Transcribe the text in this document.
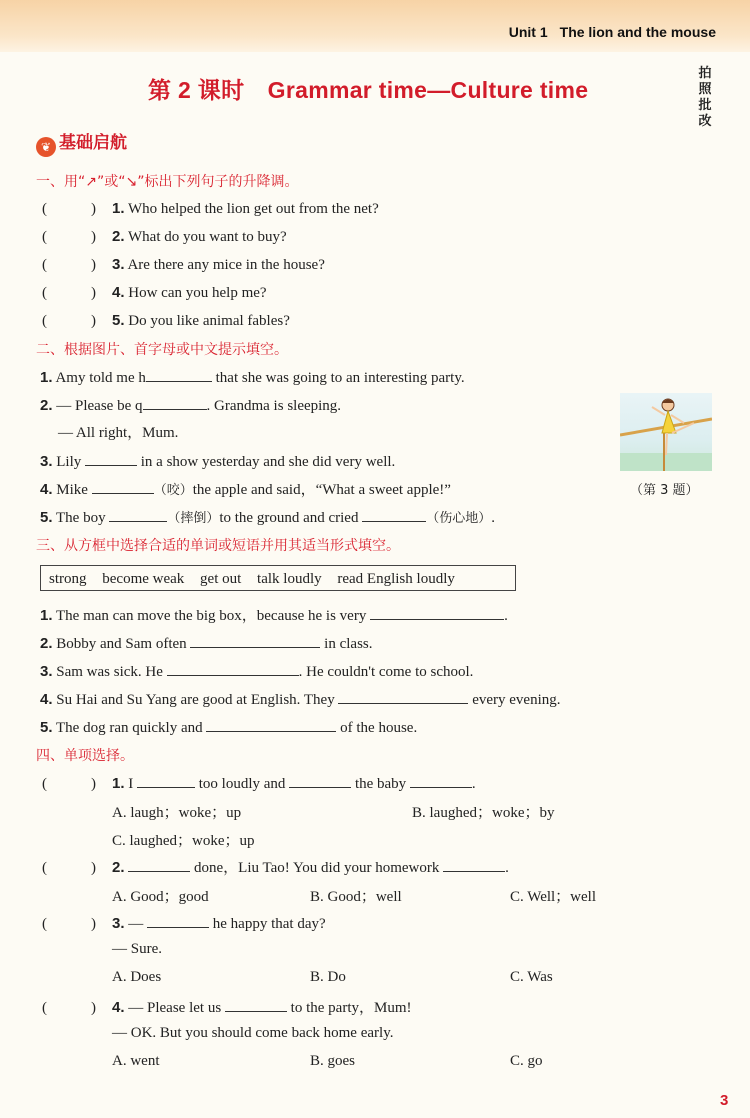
Unit 1 The lion and the mouse
拍照批改
第 2 课时　Grammar time—Culture time
❦ 基础启航
一、用“↗”或“↘”标出下列句子的升降调。
(	) 1. Who helped the lion get out from the net?
(	) 2. What do you want to buy?
(	) 3. Are there any mice in the house?
(	) 4. How can you help me?
(	) 5. Do you like animal fables?
二、根据图片、首字母或中文提示填空。
1. Amy told me h	that she was going to an interesting party.
2. — Please be q	. Grandma is sleeping.
— All right，Mum.
3. Lily	in a show yesterday and she did very well.
4. Mike	（咬）the apple and said，“What a sweet apple!”
5. The boy	（摔倒）to the ground and cried	（伤心地）.
（第 3 题）
三、从方框中选择合适的单词或短语并用其适当形式填空。
strong become weak get out talk loudly read English loudly
1. The man can move the big box，because he is very	.
2. Bobby and Sam often	in class.
3. Sam was sick. He	. He couldn't come to school.
4. Su Hai and Su Yang are good at English. They	every evening.
5. The dog ran quickly and	of the house.
四、单项选择。
(	) 1. I	too loudly and	the baby	.
A. laugh；woke；up	B. laughed；woke；by
C. laughed；woke；up
(	) 2.	done，Liu Tao! You did your homework	.
A. Good；good	B. Good；well	C. Well；well
(	) 3. —	he happy that day?
— Sure.
A. Does	B. Do	C. Was
(	) 4. — Please let us	to the party，Mum!
— OK. But you should come back home early.
A. went	B. goes	C. go
3
